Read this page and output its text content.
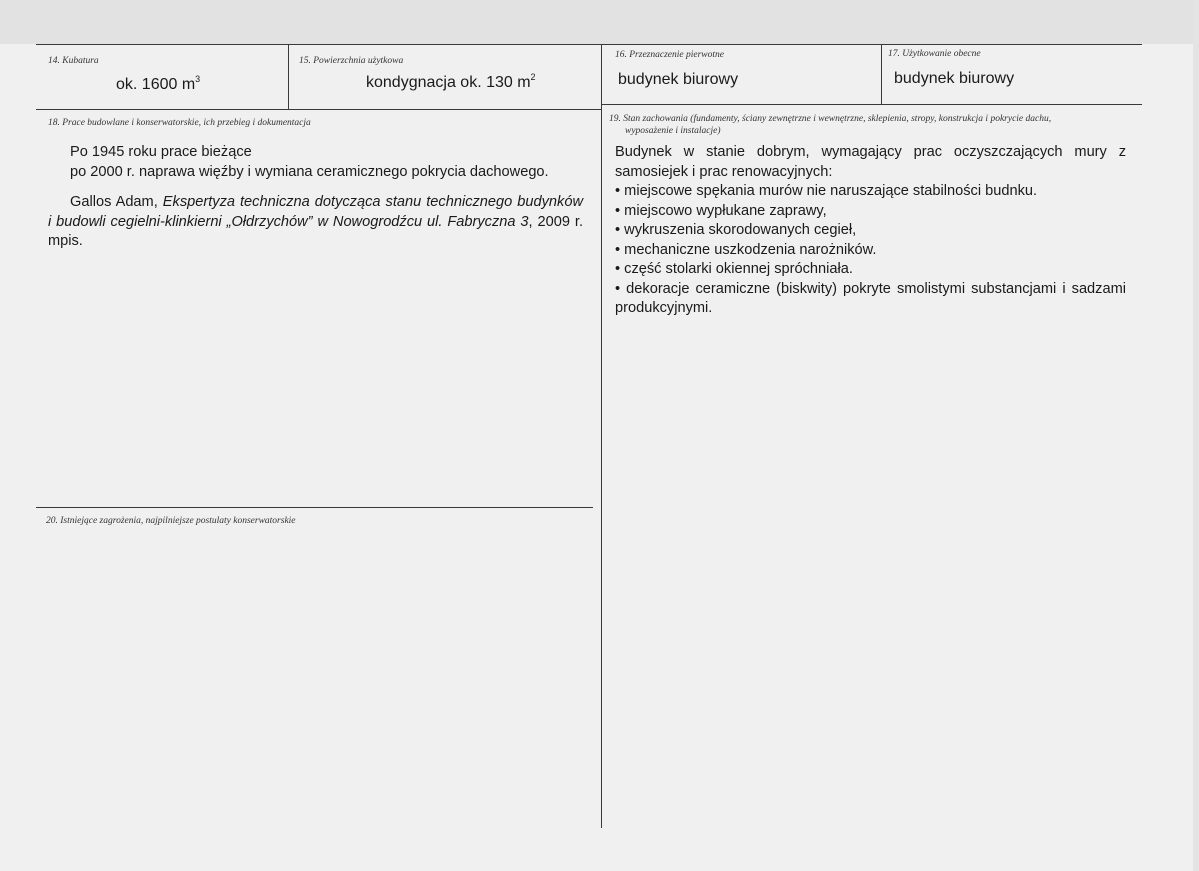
14. Kubatura
ok. 1600 $m^3$
15. Powierzchnia użytkowa
kondygnacja ok. 130 $m^2$
16. Przeznaczenie pierwotne
budynek biurowy
17. Użytkowanie obecne
budynek biurowy
18. Prace budowlane i konserwatorskie, ich przebieg i dokumentacja

Po 1945 roku prace bieżące

po 2000 r. naprawa więźby i wymiana ceramicznego pokrycia dachowego.

Gallos Adam, Ekspertyza techniczna dotycząca stanu technicznego budynków i budowli cegielni-klinkierni „Ołdrzychów” w Nowogrodźcu ul. Fabryczna 3, 2009 r. mpis.

19. Stan zachowania (fundamenty, ściany zewnętrzne i wewnętrzne, sklepienia, stropy, konstrukcja i pokrycie dachu,
wyposażenie i instalacje)

Budynek w stanie dobrym, wymagający prac oczyszczających mury z samosiejek i prac renowacyjnych:

• miejscowe spękania murów nie naruszające stabilności budnku.

• miejscowo wypłukane zaprawy,

• wykruszenia skorodowanych cegieł,

• mechaniczne uszkodzenia narożników.

• część stolarki okiennej spróchniała.

• dekoracje ceramiczne (biskwity) pokryte smolistymi substancjami i sadzami produkcyjnymi.

20. Istniejące zagrożenia, najpilniejsze postulaty konserwatorskie
